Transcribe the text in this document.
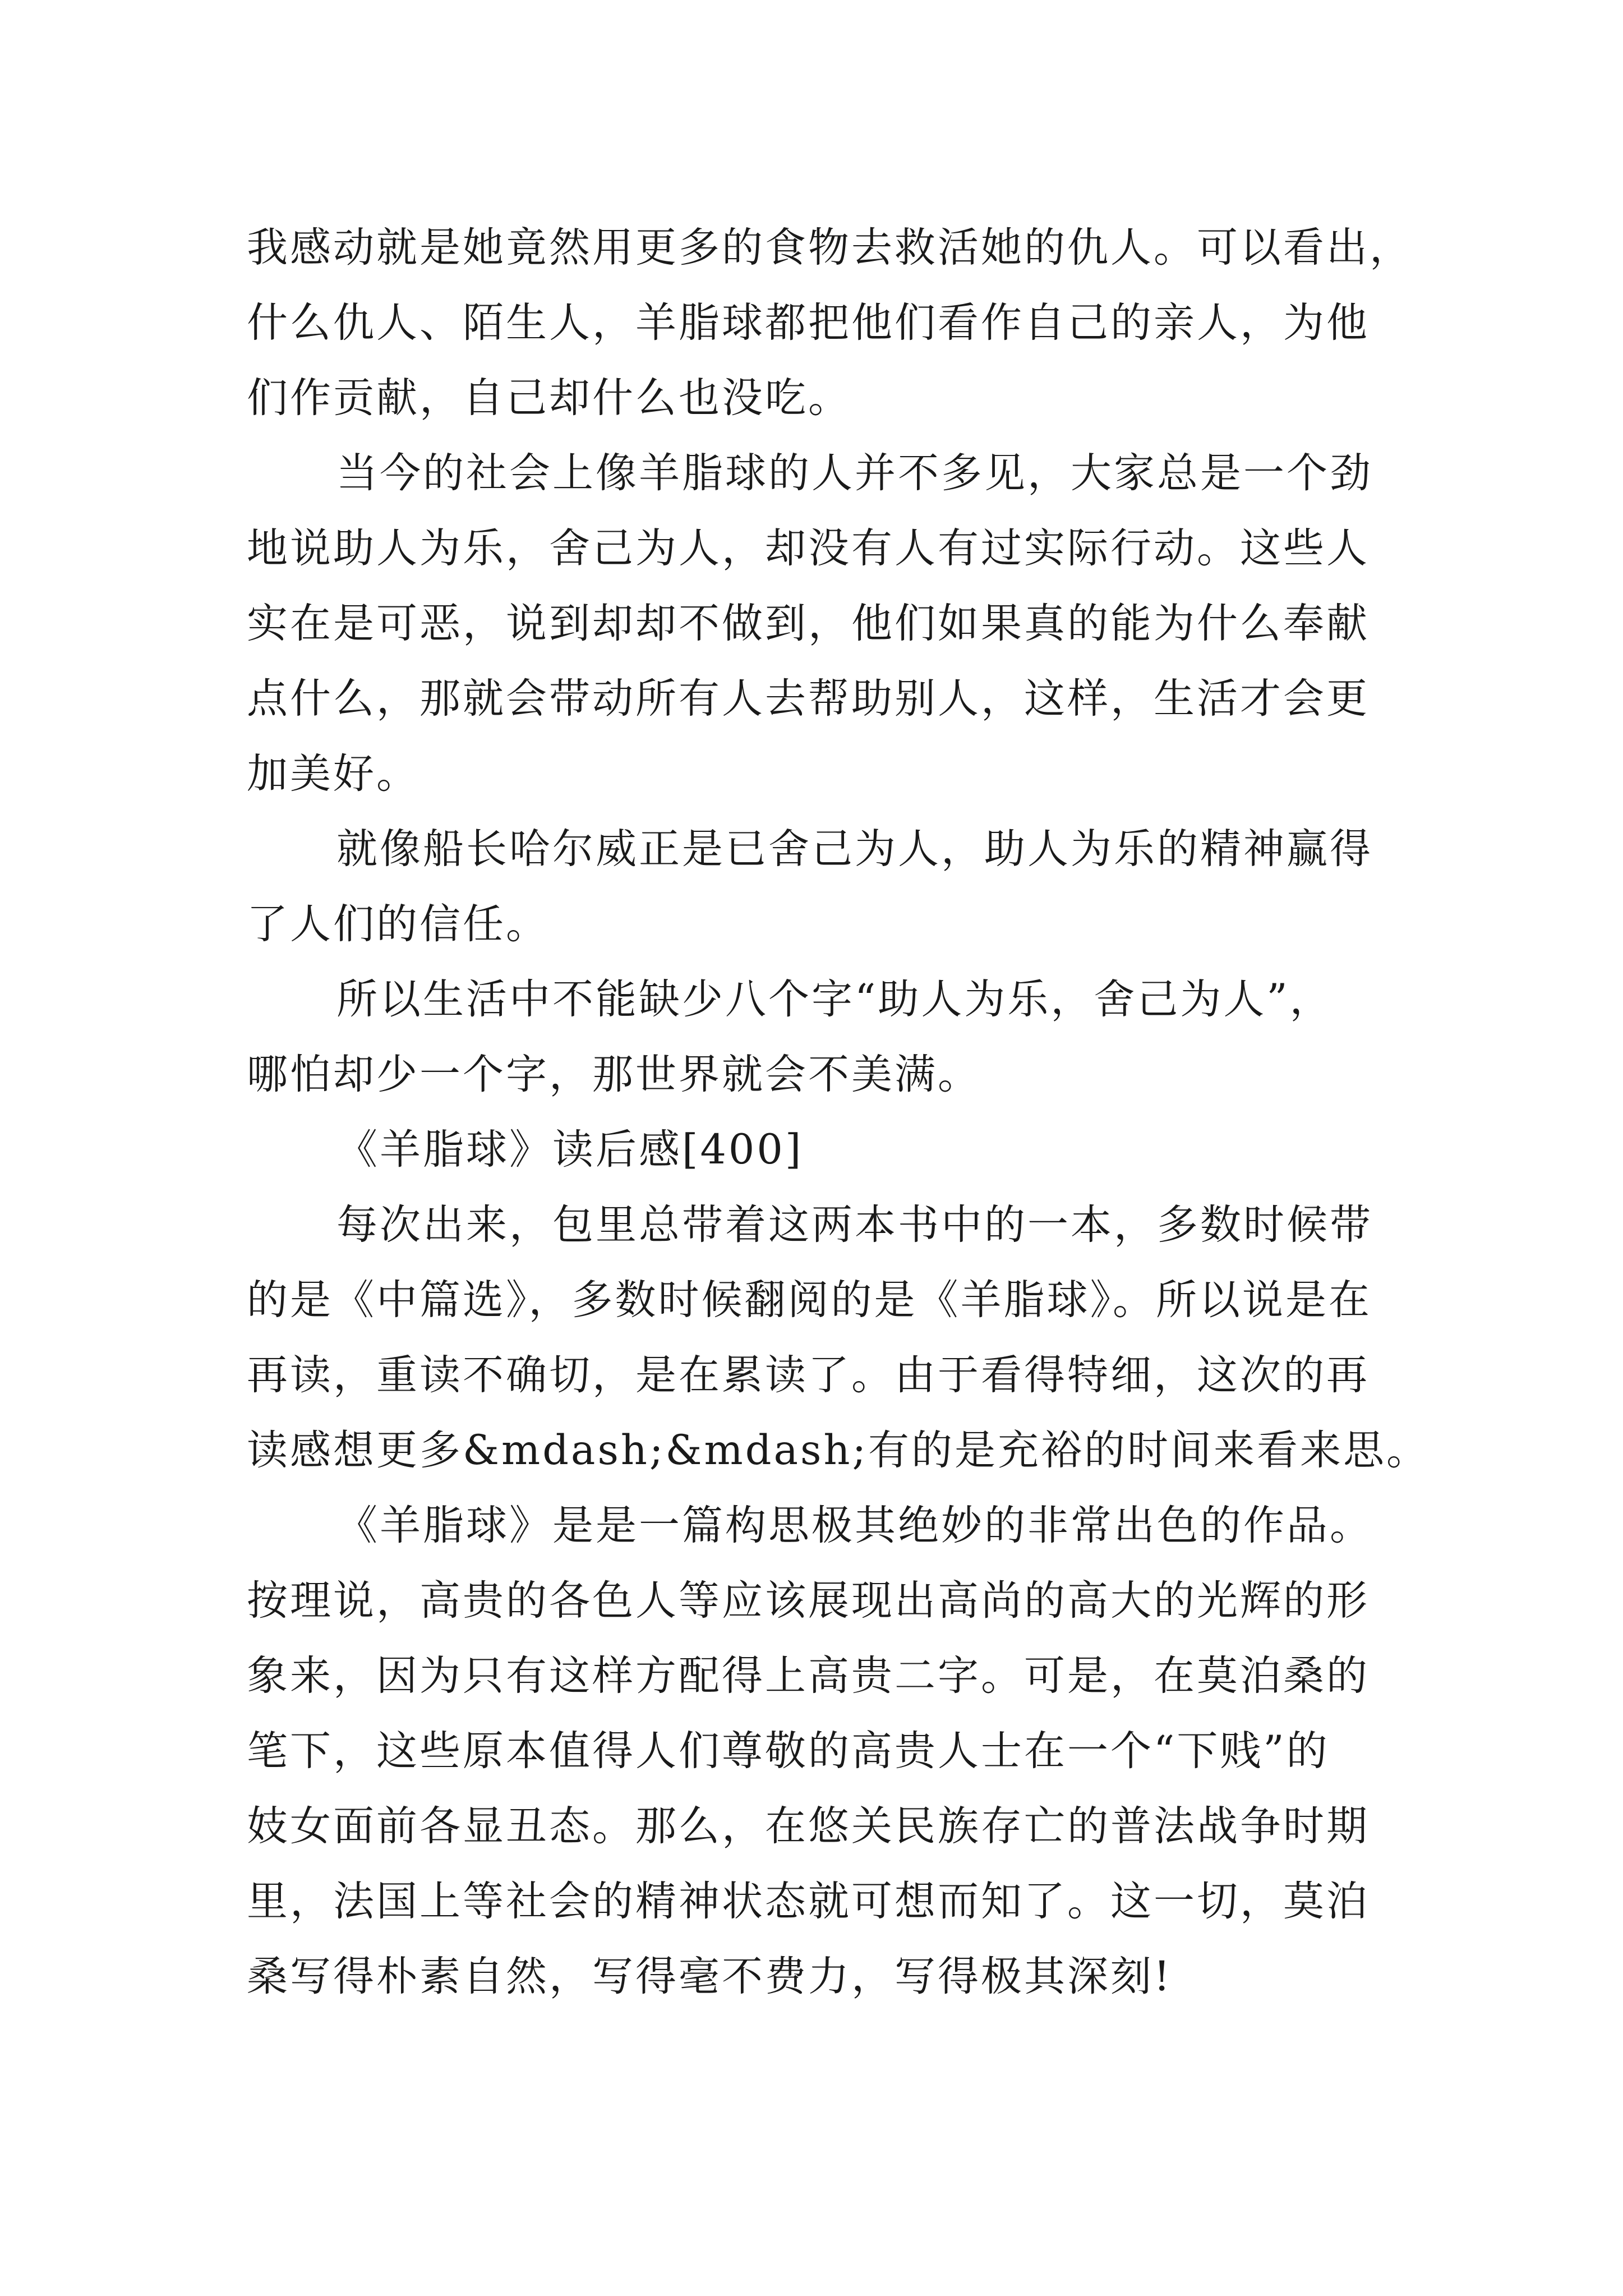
我感动就是她竟然用更多的食物去救活她的仇人。可以看出，
什么仇人、陌生人，羊脂球都把他们看作自己的亲人，为他
们作贡献，自己却什么也没吃。
当今的社会上像羊脂球的人并不多见，大家总是一个劲
地说助人为乐，舍己为人，却没有人有过实际行动。这些人
实在是可恶，说到却却不做到，他们如果真的能为什么奉献
点什么，那就会带动所有人去帮助别人，这样，生活才会更
加美好。
就像船长哈尔威正是已舍己为人，助人为乐的精神赢得
了人们的信任。
所以生活中不能缺少八个字“助人为乐，舍己为人”，
哪怕却少一个字，那世界就会不美满。
《羊脂球》读后感[400]
每次出来，包里总带着这两本书中的一本，多数时候带
的是《中篇选》，多数时候翻阅的是《羊脂球》。所以说是在
再读，重读不确切，是在累读了。由于看得特细，这次的再
读感想更多&mdash;&mdash;有的是充裕的时间来看来思。
《羊脂球》是是一篇构思极其绝妙的非常出色的作品。
按理说，高贵的各色人等应该展现出高尚的高大的光辉的形
象来，因为只有这样方配得上高贵二字。可是，在莫泊桑的
笔下，这些原本值得人们尊敬的高贵人士在一个“下贱”的
妓女面前各显丑态。那么，在悠关民族存亡的普法战争时期
里，法国上等社会的精神状态就可想而知了。这一切，莫泊
桑写得朴素自然，写得毫不费力，写得极其深刻!
